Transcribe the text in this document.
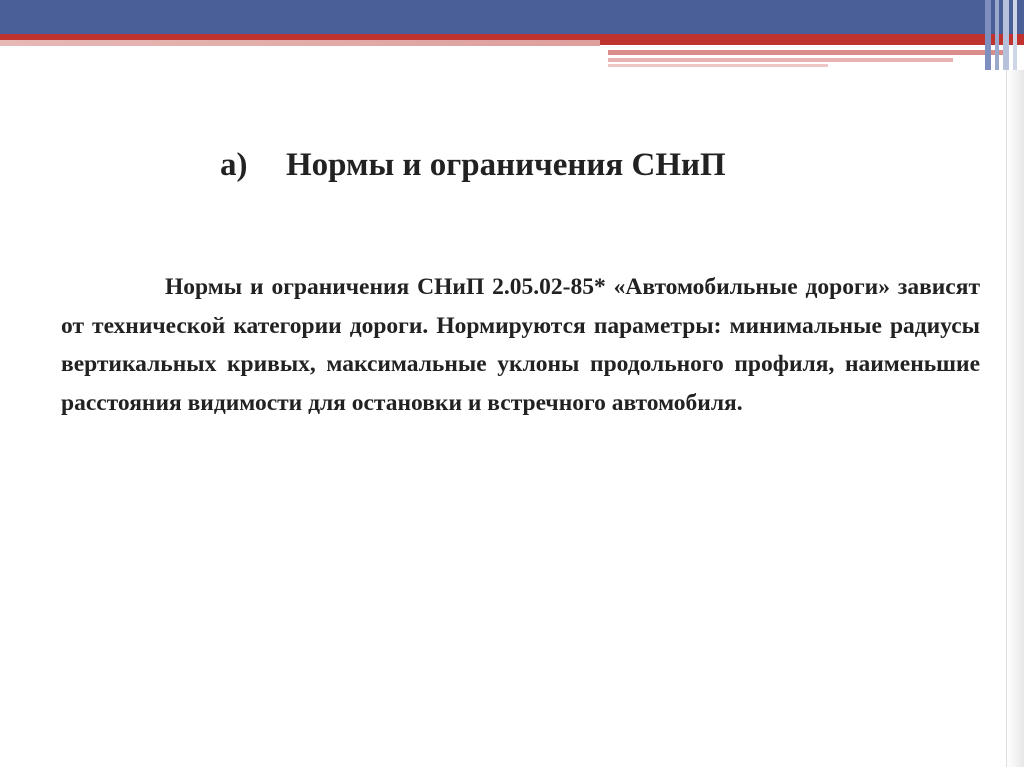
а) Нормы и ограничения СНиП
Нормы и ограничения СНиП 2.05.02-85* «Автомобильные дороги» зависят от технической категории дороги. Нормируются параметры: минимальные радиусы вертикальных кривых, максимальные уклоны продольного профиля, наименьшие расстояния видимости для остановки и встречного автомобиля.
